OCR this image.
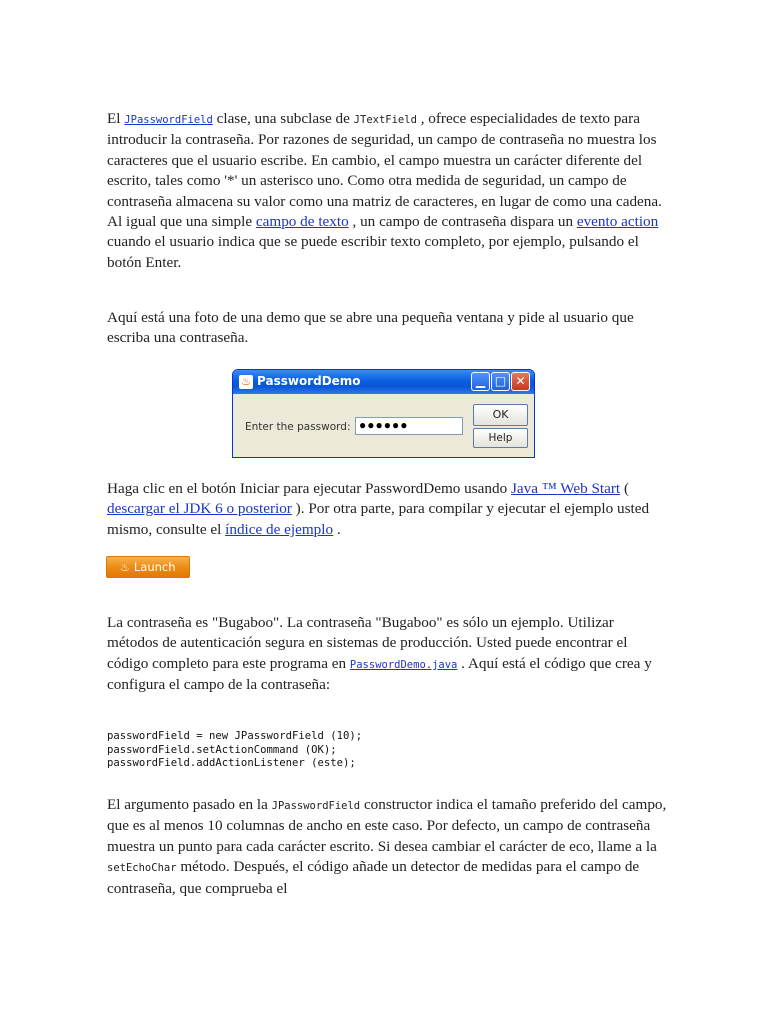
El JPasswordField clase, una subclase de JTextField , ofrece especialidades de texto para introducir la contraseña. Por razones de seguridad, un campo de contraseña no muestra los caracteres que el usuario escribe. En cambio, el campo muestra un carácter diferente del escrito, tales como '*' un asterisco uno. Como otra medida de seguridad, un campo de contraseña almacena su valor como una matriz de caracteres, en lugar de como una cadena. Al igual que una simple campo de texto , un campo de contraseña dispara un evento action cuando el usuario indica que se puede escribir texto completo, por ejemplo, pulsando el botón Enter.

Aquí está una foto de una demo que se abre una pequeña ventana y pide al usuario que escriba una contraseña.

Haga clic en el botón Iniciar para ejecutar PasswordDemo usando Java ™ Web Start ( descargar el JDK 6 o posterior ). Por otra parte, para compilar y ejecutar el ejemplo usted mismo, consulte el índice de ejemplo .

La contraseña es "Bugaboo". La contraseña "Bugaboo" es sólo un ejemplo. Utilizar métodos de autenticación segura en sistemas de producción. Usted puede encontrar el código completo para este programa en PasswordDemo.java . Aquí está el código que crea y configura el campo de la contraseña:

passwordField = new JPasswordField (10);
passwordField.setActionCommand (OK);
passwordField.addActionListener (este);

El argumento pasado en la JPasswordField constructor indica el tamaño preferido del campo, que es al menos 10 columnas de ancho en este caso. Por defecto, un campo de contraseña muestra un punto para cada carácter escrito. Si desea cambiar el carácter de eco, llame a la setEchoChar método. Después, el código añade un detector de medidas para el campo de contraseña, que comprueba el

♨ PasswordDemo	▁ □ ✕
Enter the password: ●●●●●●
OK
Help
♨ Launch
